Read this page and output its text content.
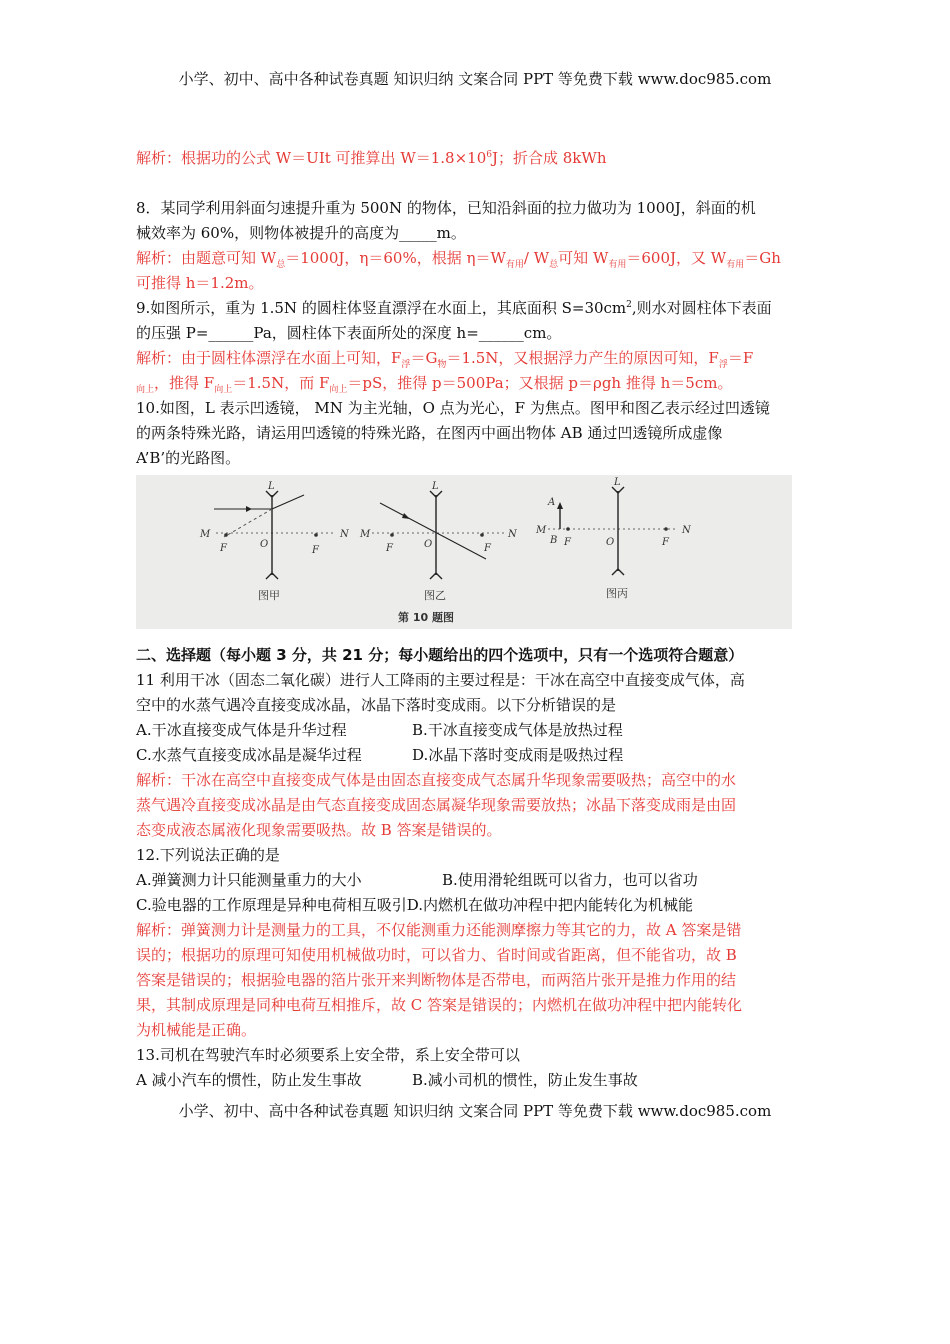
小学、初中、高中各种试卷真题 知识归纳 文案合同 PPT 等免费下载 www.doc985.com
解析：根据功的公式 W＝UIt 可推算出 $W=1.8\times 10^6J$；折合成 8kWh
8．某同学利用斜面匀速提升重为 500N 的物体，已知沿斜面的拉力做功为 1000J，斜面的机
械效率为 60%，则物体被提升的高度为_____m。
解析：由题意可知 $W_总=1000J$，η＝60%，根据 $\eta=W_{有用}/$ $W_总$可知 $W_{有用}=600J$，又 $W_{有用}=Gh$
可推得 h＝1.2m。
9.如图所示，重为 1.5N 的圆柱体竖直漂浮在水面上，其底面积 $S=30cm^2$,则水对圆柱体下表面
的压强 P=______Pa，圆柱体下表面所处的深度 h=______cm。
解析：由于圆柱体漂浮在水面上可知，$F_浮=G_物=1.5N$，又根据浮力产生的原因可知，$F_浮=F$
$_{向上}$，推得 $F_{向上}=1.5N$，而 $F_{向上}=pS$，推得 p＝500Pa；又根据 p＝ρgh 推得 h＝5cm。
10.如图，L 表示凹透镜， MN 为主光轴，O 点为光心，F 为焦点。图甲和图乙表示经过凹透镜
的两条特殊光路，请运用凹透镜的特殊光路，在图丙中画出物体 AB 通过凹透镜所成虚像
A’B’的光路图。
M	N
L
O
F	F
图甲
M	N
L
O
F	F
图乙
M	N
L
A
B F	O	F
图丙
第 10 题图
二、选择题（每小题 3 分，共 21 分；每小题给出的四个选项中，只有一个选项符合题意）
11 利用干冰（固态二氧化碳）进行人工降雨的主要过程是：干冰在高空中直接变成气体，高
空中的水蒸气遇冷直接变成冰晶，冰晶下落时变成雨。以下分析错误的是
A.干冰直接变成气体是升华过程	B.干冰直接变成气体是放热过程
C.水蒸气直接变成冰晶是凝华过程	D.冰晶下落时变成雨是吸热过程
解析：干冰在高空中直接变成气体是由固态直接变成气态属升华现象需要吸热；高空中的水
蒸气遇冷直接变成冰晶是由气态直接变成固态属凝华现象需要放热；冰晶下落变成雨是由固
态变成液态属液化现象需要吸热。故 B 答案是错误的。
12.下列说法正确的是
A.弹簧测力计只能测量重力的大小	B.使用滑轮组既可以省力，也可以省功
C.验电器的工作原理是异种电荷相互吸引 D.内燃机在做功冲程中把内能转化为机械能
解析：弹簧测力计是测量力的工具，不仅能测重力还能测摩擦力等其它的力，故 A 答案是错
误的；根据功的原理可知使用机械做功时，可以省力、省时间或省距离，但不能省功，故 B
答案是错误的；根据验电器的箔片张开来判断物体是否带电，而两箔片张开是推力作用的结
果，其制成原理是同种电荷互相推斥，故 C 答案是错误的；内燃机在做功冲程中把内能转化
为机械能是正确。
13.司机在驾驶汽车时必须要系上安全带，系上安全带可以
A 减小汽车的惯性，防止发生事故	B.减小司机的惯性，防止发生事故
小学、初中、高中各种试卷真题 知识归纳 文案合同 PPT 等免费下载 www.doc985.com
